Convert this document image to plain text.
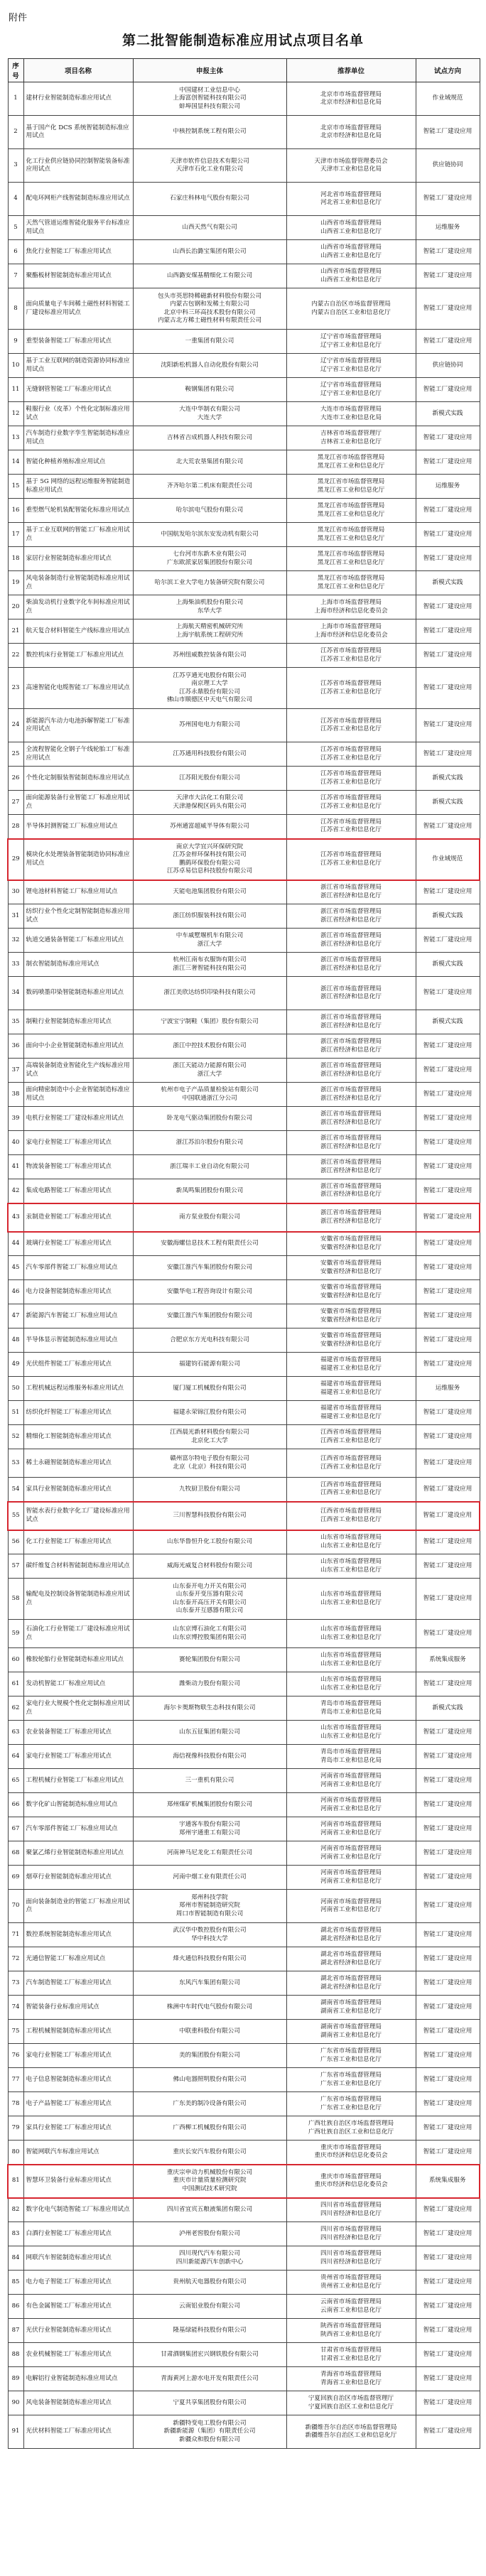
附件
第二批智能制造标准应用试点项目名单
序号	项目名称	申报主体	推荐单位	试点方向
1	建材行业智能制造标准应用试点	中国建材工业信息中心
上海富创智能科技有限公司
蚌埠国显科技有限公司	北京市市场监督管理局
北京市经济和信息化局	作业域规范
2	基于国产化 DCS 系统智能制造标准应用试点	中核控制系统工程有限公司	北京市市场监督管理局
北京市经济和信息化局	智能工厂建设应用
3	化工行业供应链协同控制智能装备标准应用试点	天津市软件信息技术有限公司
天津市石化工业有限公司	天津市市场监督管理委员会
天津市工业和信息化局	供应链协同
4	配电环网柜产线智能制造标准应用试点	石家庄科林电气股份有限公司	河北省市场监督管理局
河北省工业和信息化厅	智能工厂建设应用
5	天然气管道运维智能化服务平台标准应用试点	山西天然气有限公司	山西省市场监督管理局
山西省工业和信息化厅	运维服务
6	焦化行业智能工厂标准应用试点	山西长治潞宝集团有限公司	山西省市场监督管理局
山西省工业和信息化厅	智能工厂建设应用
7	聚酯板材智能制造标准应用试点	山西潞安煤基精细化工有限公司	山西省市场监督管理局
山西省工业和信息化厅	智能工厂建设应用
8	面向质量电子车间稀土磁性材料智能工厂建设标准应用试点	包头市英思特稀磁新材料股份有限公司
内蒙古包钢和发稀土有限公司
北京中科三环高技术股份有限公司
内蒙古北方稀土磁性材料有限责任公司	内蒙古自治区市场监督管理局
内蒙古自治区工业和信息化厅	智能工厂建设应用
9	重型装备智能工厂标准应用试点	一重集团有限公司	辽宁省市场监督管理局
辽宁省工业和信息化厅	智能工厂建设应用
10	基于工业互联网的制造资源协同标准应用试点	沈阳新松机器人自动化股份有限公司	辽宁省市场监督管理局
辽宁省工业和信息化厅	供应链协同
11	无缝钢管智能工厂标准应用试点	鞍钢集团有限公司	辽宁省市场监督管理局
辽宁省工业和信息化厅	智能工厂建设应用
12	鞋服行业（皮革）个性化定制标准应用试点	大连中华制衣有限公司
大连大学	大连市市场监督管理局
大连市工业和信息化局	新模式实践
13	汽车制造行业数字孪生智能制造标准应用试点	吉林省吉成机器人科技有限公司	吉林省市场监督管理厅
吉林省工业和信息化厅	智能工厂建设应用
14	智能化种植养殖标准应用试点	北大荒农垦集团有限公司	黑龙江省市场监督管理局
黑龙江省工业和信息化厅	智能工厂建设应用
15	基于 5G 网络的远程运维服务智能制造标准应用试点	齐齐哈尔第二机床有限责任公司	黑龙江省市场监督管理局
黑龙江省工业和信息化厅	运维服务
16	重型燃气轮机装配智能化标准应用试点	哈尔滨电气股份有限公司	黑龙江省市场监督管理局
黑龙江省工业和信息化厅	智能工厂建设应用
17	基于工业互联网的智能工厂标准应用试点	中国航发哈尔滨东安发动机有限公司	黑龙江省市场监督管理局
黑龙江省工业和信息化厅	智能工厂建设应用
18	家居行业智能制造标准应用试点	七台河市东新木业有限公司
广东欧派家居集团股份有限公司	黑龙江省市场监督管理局
黑龙江省工业和信息化厅	智能工厂建设应用
19	风电装备制造行业智能制造标准应用试点	哈尔滨工业大学电力装备研究院有限公司	黑龙江省市场监督管理局
黑龙江省工业和信息化厅	新模式实践
20	柴油发动机行业数字化车间标准应用试点	上海柴油机股份有限公司
东华大学	上海市市场监督管理局
上海市经济和信息化委员会	智能工厂建设应用
21	航天复合材料智能生产线标准应用试点	上海航天精密机械研究所
上海宇航系统工程研究所	上海市市场监督管理局
上海市经济和信息化委员会	智能工厂建设应用
22	数控机床行业智能工厂标准应用试点	苏州纽威数控装备有限公司	江苏省市场监督管理局
江苏省工业和信息化厅	智能工厂建设应用
23	高速智能化电缆智能工厂标准应用试点	江苏亨通光电股份有限公司
南京理工大学
江苏永鼎股份有限公司
佛山市顺德区中天电气有限公司	江苏省市场监督管理局
江苏省工业和信息化厅	智能工厂建设应用
24	新能源汽车动力电池拆解智能工厂标准应用试点	苏州国电电力有限公司	江苏省市场监督管理局
江苏省工业和信息化厅	智能工厂建设应用
25	全流程智能化全钢子午线轮胎工厂标准应用试点	江苏通用科技股份有限公司	江苏省市场监督管理局
江苏省工业和信息化厅	智能工厂建设应用
26	个性化定制服装智能制造标准应用试点	江苏阳光股份有限公司	江苏省市场监督管理局
江苏省工业和信息化厅	新模式实践
27	面向能源装备行业智能工厂标准应用试点	天津市大沽化工有限公司
天津港保税区码头有限公司	江苏省市场监督管理局
江苏省工业和信息化厅	新模式实践
28	半导体封测智能工厂标准应用试点	苏州通富超威半导体有限公司	江苏省市场监督管理局
江苏省工业和信息化厅	智能工厂建设应用
29	模块化水处理装备智能制造协同标准应用试点	南京大学宜兴环保研究院
江苏金梓环保科技有限公司
鹏鹞环保股份有限公司
江苏卓易信息科技股份有限公司	江苏省市场监督管理局
江苏省工业和信息化厅	作业域规范
30	锂电池材料智能工厂标准应用试点	天能电池集团股份有限公司	浙江省市场监督管理局
浙江省经济和信息化厅	智能工厂建设应用
31	纺织行业个性化定制智能制造标准应用试点	浙江纺织服装科技有限公司	浙江省市场监督管理局
浙江省经济和信息化厅	新模式实践
32	轨道交通装备智能工厂标准应用试点	中车戚墅堰机车有限公司
浙江大学	浙江省市场监督管理局
浙江省经济和信息化厅	智能工厂建设应用
33	制衣智能制造标准应用试点	杭州江南布衣服饰有限公司
浙江三奢智能科技有限公司	浙江省市场监督管理局
浙江省经济和信息化厅	新模式实践
34	数码喷墨印染智能制造标准应用试点	浙江美欣达纺织印染科技有限公司	浙江省市场监督管理局
浙江省经济和信息化厅	智能工厂建设应用
35	制鞋行业智能制造标准应用试点	宁波宝宁制鞋（集团）股份有限公司	浙江省市场监督管理局
浙江省经济和信息化厅	新模式实践
36	面向中小企业智能制造标准应用试点	浙江中控技术股份有限公司	浙江省市场监督管理局
浙江省经济和信息化厅	智能工厂建设应用
37	高端装备制造业智能化生产线标准应用试点	浙江天能动力能源有限公司
浙江大学	浙江省市场监督管理局
浙江省经济和信息化厅	智能工厂建设应用
38	面向精密制造中小企业智能制造标准应用试点	杭州市电子产品质量检验站有限公司
中国联通浙江分公司	浙江省市场监督管理局
浙江省经济和信息化厅	智能工厂建设应用
39	电机行业智能工厂建设标准应用试点	卧龙电气驱动集团股份有限公司	浙江省市场监督管理局
浙江省经济和信息化厅	智能工厂建设应用
40	家电行业智能工厂标准应用试点	浙江苏泊尔股份有限公司	浙江省市场监督管理局
浙江省经济和信息化厅	智能工厂建设应用
41	物流装备智能工厂标准应用试点	浙江瑞丰工业自动化有限公司	浙江省市场监督管理局
浙江省经济和信息化厅	智能工厂建设应用
42	集成电路智能工厂标准应用试点	新凤鸣集团股份有限公司	浙江省市场监督管理局
浙江省经济和信息化厅	智能工厂建设应用
43	汞制造业智能工厂标准应用试点	南方泵业股份有限公司	浙江省市场监督管理局
浙江省经济和信息化厅	智能工厂建设应用
44	玻璃行业智能工厂标准应用试点	安徽海螺信息技术工程有限责任公司	安徽省市场监督管理局
安徽省经济和信息化厅	智能工厂建设应用
45	汽车零部件智能工厂标准应用试点	安徽江淮汽车集团股份有限公司	安徽省市场监督管理局
安徽省经济和信息化厅	智能工厂建设应用
46	电力设备智能制造标准应用试点	安徽华电工程咨询设计有限公司	安徽省市场监督管理局
安徽省经济和信息化厅	智能工厂建设应用
47	新能源汽车智能工厂标准应用试点	安徽江淮汽车集团股份有限公司	安徽省市场监督管理局
安徽省经济和信息化厅	智能工厂建设应用
48	半导体显示智能制造标准应用试点	合肥京东方光电科技有限公司	安徽省市场监督管理局
安徽省经济和信息化厅	智能工厂建设应用
49	光伏组件智能工厂标准应用试点	福建钧石能源有限公司	福建省市场监督管理局
福建省工业和信息化厅	智能工厂建设应用
50	工程机械远程运维服务标准应用试点	厦门厦工机械股份有限公司	福建省市场监督管理局
福建省工业和信息化厅	运维服务
51	纺织化纤智能工厂标准应用试点	福建永荣锦江股份有限公司	福建省市场监督管理局
福建省工业和信息化厅	智能工厂建设应用
52	精细化工智能制造标准应用试点	江西晨光新材料股份有限公司
北京化工大学	江西省市场监督管理局
江西省工业和信息化厅	智能工厂建设应用
53	稀土永磁智能制造标准应用试点	赣州富尔特电子股份有限公司
北京（北京）科技有限公司	江西省市场监督管理局
江西省工业和信息化厅	智能工厂建设应用
54	家具行业智能制造标准应用试点	九牧厨卫股份有限公司	江西省市场监督管理局
江西省工业和信息化厅	智能工厂建设应用
55	智能水表行业数字化工厂建设标准应用试点	三川智慧科技股份有限公司	江西省市场监督管理局
江西省工业和信息化厅	智能工厂建设应用
56	化工行业智能工厂标准应用试点	山东华鲁恒升化工股份有限公司	山东省市场监督管理局
山东省工业和信息化厅	智能工厂建设应用
57	碳纤维复合材料智能制造标准应用试点	威海光威复合材料股份有限公司	山东省市场监督管理局
山东省工业和信息化厅	智能工厂建设应用
58	输配电及控制设备智能制造标准应用试点	山东泰开电力开关有限公司
山东泰开变压器有限公司
山东泰开高压开关有限公司
山东泰开互感器有限公司	山东省市场监督管理局
山东省工业和信息化厅	智能工厂建设应用
59	石油化工行业智能工厂建设标准应用试点	山东京博石油化工有限公司
山东京博控股集团有限公司	山东省市场监督管理局
山东省工业和信息化厅	智能工厂建设应用
60	橡胶轮胎行业智能制造标准应用试点	赛轮集团股份有限公司	山东省市场监督管理局
山东省工业和信息化厅	系统集成服务
61	发动机智能工厂标准应用试点	潍柴动力股份有限公司	山东省市场监督管理局
山东省工业和信息化厅	智能工厂建设应用
62	家电行业大规模个性化定制标准应用试点	海尔卡奥斯物联生态科技有限公司	青岛市市场监督管理局
青岛市工业和信息化局	新模式实践
63	农业装备智能工厂标准应用试点	山东五征集团有限公司	山东省市场监督管理局
山东省工业和信息化厅	智能工厂建设应用
64	家电行业智能工厂标准应用试点	海信视像科技股份有限公司	青岛市市场监督管理局
青岛市工业和信息化局	智能工厂建设应用
65	工程机械行业智能工厂标准应用试点	三一重机有限公司	河南省市场监督管理局
河南省工业和信息化厅	智能工厂建设应用
66	数字化矿山智能制造标准应用试点	郑州煤矿机械集团股份有限公司	河南省市场监督管理局
河南省工业和信息化厅	智能工厂建设应用
67	汽车零部件智能工厂标准应用试点	宇通客车股份有限公司
郑州宇通重工有限公司	河南省市场监督管理局
河南省工业和信息化厅	智能工厂建设应用
68	聚氯乙烯行业智能制造标准应用试点	河南神马尼龙化工有限责任公司	河南省市场监督管理局
河南省工业和信息化厅	智能工厂建设应用
69	烟草行业智能制造标准应用试点	河南中烟工业有限责任公司	河南省市场监督管理局
河南省工业和信息化厅	智能工厂建设应用
70	面向装备制造业的智能工厂标准应用试点	郑州科技学院
郑州市智能制造研究院
周口市智能制造有限公司	河南省市场监督管理局
河南省工业和信息化厅	智能工厂建设应用
71	数控系统智能制造标准应用试点	武汉华中数控股份有限公司
华中科技大学	湖北省市场监督管理局
湖北省经济和信息化厅	智能工厂建设应用
72	光通信智能工厂标准应用试点	烽火通信科技股份有限公司	湖北省市场监督管理局
湖北省经济和信息化厅	智能工厂建设应用
73	汽车制造智能工厂标准应用试点	东风汽车集团有限公司	湖北省市场监督管理局
湖北省经济和信息化厅	智能工厂建设应用
74	智能装备行业标准应用试点	株洲中车时代电气股份有限公司	湖南省市场监督管理局
湖南省工业和信息化厅	智能工厂建设应用
75	工程机械智能制造标准应用试点	中联重科股份有限公司	湖南省市场监督管理局
湖南省工业和信息化厅	智能工厂建设应用
76	家电行业智能工厂标准应用试点	美的集团股份有限公司	广东省市场监督管理局
广东省工业和信息化厅	智能工厂建设应用
77	电子信息智能制造标准应用试点	佛山电器照明股份有限公司	广东省市场监督管理局
广东省工业和信息化厅	智能工厂建设应用
78	电子产品智能工厂标准应用试点	广东美的制冷设备有限公司	广东省市场监督管理局
广东省工业和信息化厅	智能工厂建设应用
79	家具行业智能工厂标准应用试点	广西柳工机械股份有限公司	广西壮族自治区市场监督管理局
广西壮族自治区工业和信息化厅	智能工厂建设应用
80	智能网联汽车标准应用试点	重庆长安汽车股份有限公司	重庆市市场监督管理局
重庆市经济和信息化委员会	智能工厂建设应用
81	智慧环卫装备行业标准应用试点	重庆宗申动力机械股份有限公司
重庆市计量质量检测研究院
中国测试技术研究院	重庆市市场监督管理局
重庆市经济和信息化委员会	系统集成服务
82	数字化电气制造智能工厂标准应用试点	四川省宜宾五粮液集团有限公司	四川省市场监督管理局
四川省经济和信息化厅	智能工厂建设应用
83	白酒行业智能工厂标准应用试点	泸州老窖股份有限公司	四川省市场监督管理局
四川省经济和信息化厅	智能工厂建设应用
84	网联汽车智能制造标准应用试点	四川现代汽车有限公司
四川新能源汽车创新中心	四川省市场监督管理局
四川省经济和信息化厅	智能工厂建设应用
85	电力电子智能工厂标准应用试点	贵州航天电器股份有限公司	贵州省市场监督管理局
贵州省工业和信息化厅	智能工厂建设应用
86	有色金属智能工厂标准应用试点	云南铝业股份有限公司	云南省市场监督管理局
云南省工业和信息化厅	智能工厂建设应用
87	光伏行业智能制造标准应用试点	隆基绿能科技股份有限公司	陕西省市场监督管理局
陕西省工业和信息化厅	智能工厂建设应用
88	农业机械智能工厂标准应用试点	甘肃酒钢集团宏兴钢铁股份有限公司	甘肃省市场监督管理局
甘肃省工业和信息化厅	智能工厂建设应用
89	电解铝行业智能制造标准应用试点	青海黄河上游水电开发有限责任公司	青海省市场监督管理局
青海省工业和信息化厅	智能工厂建设应用
90	风电装备智能制造标准应用试点	宁夏共享集团股份有限公司	宁夏回族自治区市场监督管理厅
宁夏回族自治区工业和信息化厅	智能工厂建设应用
91	光伏材料智能工厂标准应用试点	新疆特变电工股份有限公司
新疆新能源（集团）有限责任公司
新疆众和股份有限公司	新疆维吾尔自治区市场监督管理局
新疆维吾尔自治区工业和信息化厅	智能工厂建设应用
